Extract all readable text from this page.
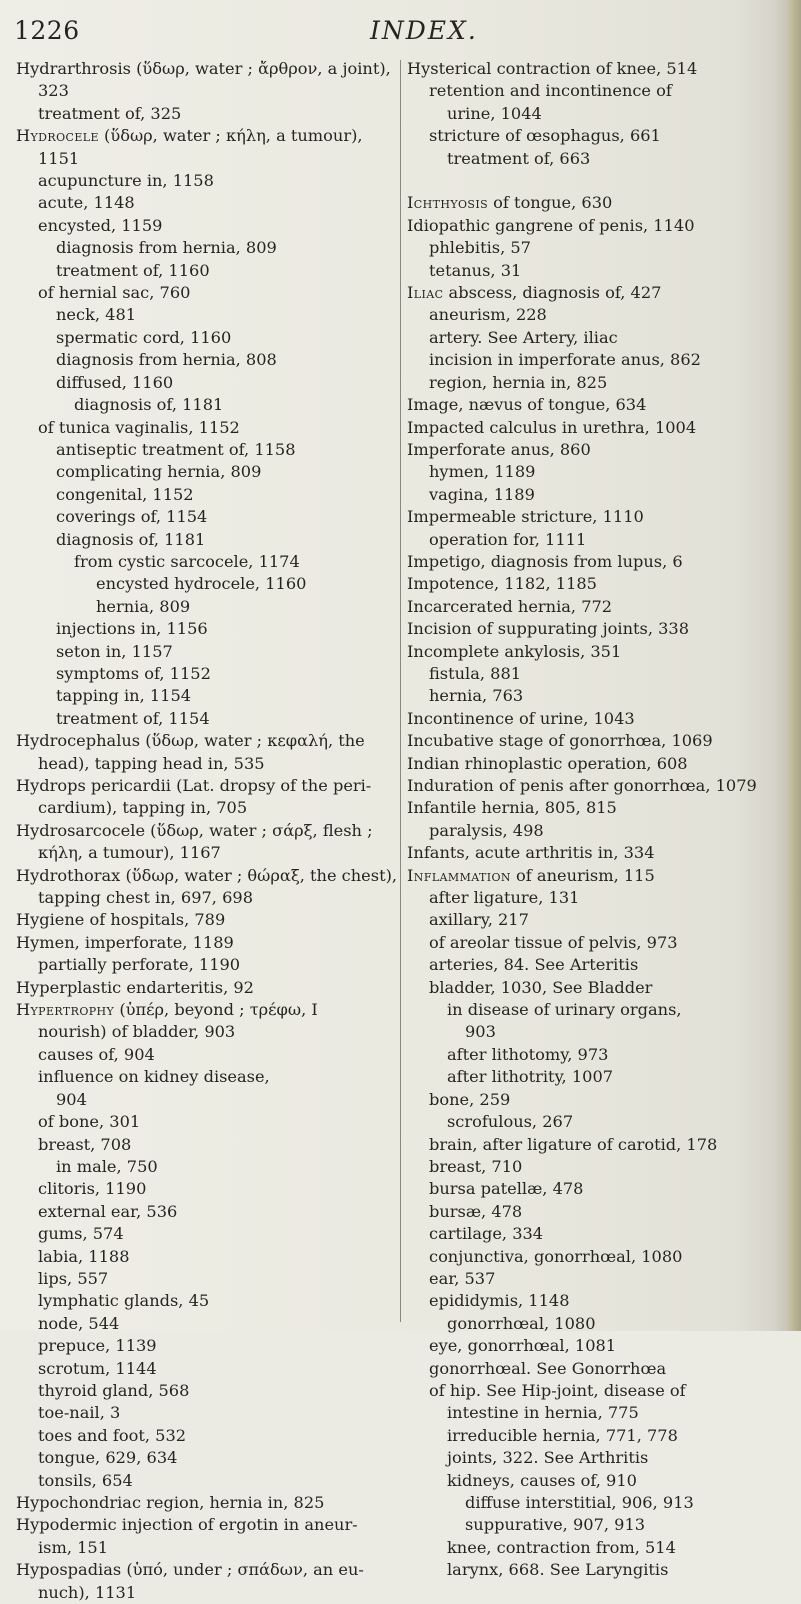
1226	INDEX.
Hydrarthrosis (ὕδωρ, water ; ἄρθρον, a joint),
323
treatment of, 325
Hydrocele (ὕδωρ, water ; κήλη, a tumour),
1151
acupuncture in, 1158
acute, 1148
encysted, 1159
diagnosis from hernia, 809
treatment of, 1160
of hernial sac, 760
neck, 481
spermatic cord, 1160
diagnosis from hernia, 808
diffused, 1160
diagnosis of, 1181
of tunica vaginalis, 1152
antiseptic treatment of, 1158
complicating hernia, 809
congenital, 1152
coverings of, 1154
diagnosis of, 1181
from cystic sarcocele, 1174
encysted hydrocele, 1160
hernia, 809
injections in, 1156
seton in, 1157
symptoms of, 1152
tapping in, 1154
treatment of, 1154
Hydrocephalus (ὕδωρ, water ; κεφαλή, the
head), tapping head in, 535
Hydrops pericardii (Lat. dropsy of the peri-
cardium), tapping in, 705
Hydrosarcocele (ὕδωρ, water ; σάρξ, flesh ;
κήλη, a tumour), 1167
Hydrothorax (ὕδωρ, water ; θώραξ, the chest),
tapping chest in, 697, 698
Hygiene of hospitals, 789
Hymen, imperforate, 1189
partially perforate, 1190
Hyperplastic endarteritis, 92
Hypertrophy (ὑπέρ, beyond ; τρέφω, I
nourish) of bladder, 903
causes of, 904
influence on kidney disease,
904
of bone, 301
breast, 708
in male, 750
clitoris, 1190
external ear, 536
gums, 574
labia, 1188
lips, 557
lymphatic glands, 45
node, 544
prepuce, 1139
scrotum, 1144
thyroid gland, 568
toe-nail, 3
toes and foot, 532
tongue, 629, 634
tonsils, 654
Hypochondriac region, hernia in, 825
Hypodermic injection of ergotin in aneur-
ism, 151
Hypospadias (ὑπό, under ; σπάδων, an eu-
nuch), 1131
Hysterical contraction of knee, 514
retention and incontinence of
urine, 1044
stricture of œsophagus, 661
treatment of, 663

Ichthyosis of tongue, 630
Idiopathic gangrene of penis, 1140
phlebitis, 57
tetanus, 31
Iliac abscess, diagnosis of, 427
aneurism, 228
artery. See Artery, iliac
incision in imperforate anus, 862
region, hernia in, 825
Image, nævus of tongue, 634
Impacted calculus in urethra, 1004
Imperforate anus, 860
hymen, 1189
vagina, 1189
Impermeable stricture, 1110
operation for, 1111
Impetigo, diagnosis from lupus, 6
Impotence, 1182, 1185
Incarcerated hernia, 772
Incision of suppurating joints, 338
Incomplete ankylosis, 351
fistula, 881
hernia, 763
Incontinence of urine, 1043
Incubative stage of gonorrhœa, 1069
Indian rhinoplastic operation, 608
Induration of penis after gonorrhœa, 1079
Infantile hernia, 805, 815
paralysis, 498
Infants, acute arthritis in, 334
Inflammation of aneurism, 115
after ligature, 131
axillary, 217
of areolar tissue of pelvis, 973
arteries, 84. See Arteritis
bladder, 1030, See Bladder
in disease of urinary organs,
903
after lithotomy, 973
after lithotrity, 1007
bone, 259
scrofulous, 267
brain, after ligature of carotid, 178
breast, 710
bursa patellæ, 478
bursæ, 478
cartilage, 334
conjunctiva, gonorrhœal, 1080
ear, 537
epididymis, 1148
gonorrhœal, 1080
eye, gonorrhœal, 1081
gonorrhœal. See Gonorrhœa
of hip. See Hip-joint, disease of
intestine in hernia, 775
irreducible hernia, 771, 778
joints, 322. See Arthritis
kidneys, causes of, 910
diffuse interstitial, 906, 913
suppurative, 907, 913
knee, contraction from, 514
larynx, 668. See Laryngitis
